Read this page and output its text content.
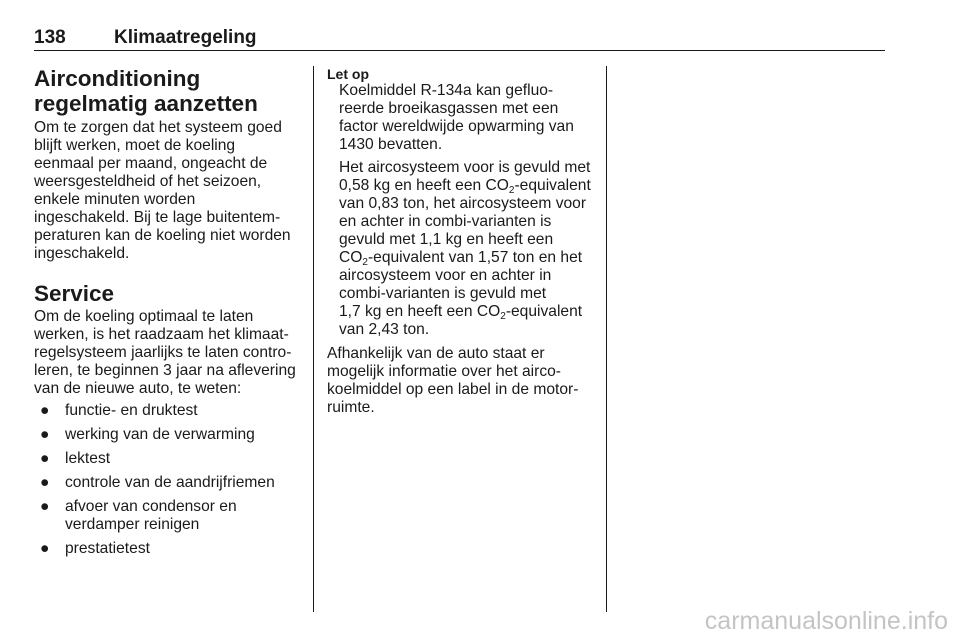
138	Klimaatregeling
Airconditioning regelmatig aanzetten

Om te zorgen dat het systeem goed
blijft werken, moet de koeling
eenmaal per maand, ongeacht de
weersgesteldheid of het seizoen,
enkele minuten worden
ingeschakeld. Bij te lage buitentem-
peraturen kan de koeling niet worden
ingeschakeld.

Service

Om de koeling optimaal te laten
werken, is het raadzaam het klimaat-
regelsysteem jaarlijks te laten contro-
leren, te beginnen 3 jaar na aflevering
van de nieuwe auto, te weten:

● functie- en druktest
● werking van de verwarming
● lektest
● controle van de aandrijfriemen
● afvoer van condensor en
verdamper reinigen
● prestatietest
Let op

Koelmiddel R-134a kan gefluo-
reerde broeikasgassen met een
factor wereldwijde opwarming van
1430 bevatten.

Het aircosysteem voor is gevuld met
0,58 kg en heeft een $CO_2$-equivalent
van 0,83 ton, het aircosysteem voor
en achter in combi-varianten is
gevuld met 1,1 kg en heeft een
$CO_2$-equivalent van 1,57 ton en het
aircosysteem voor en achter in
combi-varianten is gevuld met
1,7 kg en heeft een $CO_2$-equivalent
van 2,43 ton.

Afhankelijk van de auto staat er
mogelijk informatie over het airco-
koelmiddel op een label in de motor-
ruimte.

carmanualsonline.info
